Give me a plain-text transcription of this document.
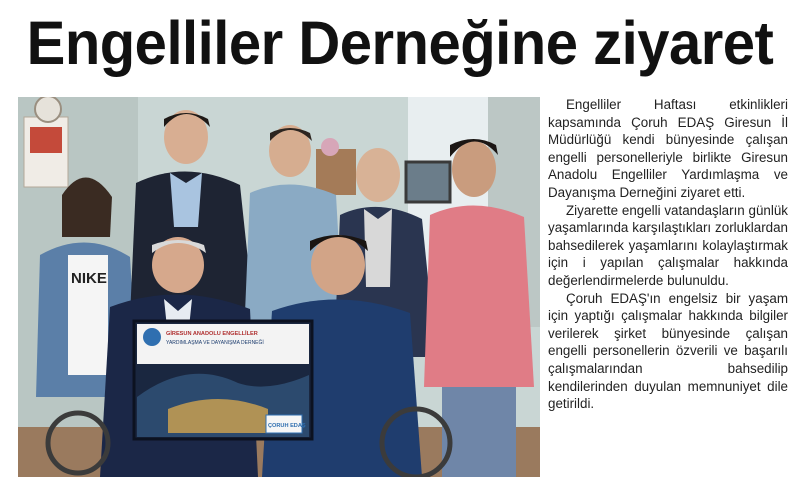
Engelliler Derneğine ziyaret
NIKE
GİRESUN ANADOLU ENGELLİLER
YARDIMLAŞMA VE DAYANIŞMA DERNEĞİ
ÇORUH EDAŞ

Engelliler Haftası etkinlikleri kapsamında Çoruh EDAŞ Giresun İl Müdürlüğü kendi bünyesinde çalışan engelli personelleriyle birlikte Giresun Anadolu Engelliler Yardımlaşma ve Dayanışma Derneğini ziyaret etti.

Ziyarette engelli vatandaşların günlük yaşamlarında karşılaştıkları zorluklardan bahsedilerek yaşamlarını kolaylaştırmak için i yapılan çalışmalar hakkında değerlendirmelerde bulunuldu.

Çoruh EDAŞ'ın engelsiz bir yaşam için yaptığı çalışmalar hakkında bilgiler verilerek şirket bünyesinde çalışan engelli personellerin özverili ve başarılı çalışmalarından bahsedilip kendilerinden duyulan memnuniyet dile getirildi.
